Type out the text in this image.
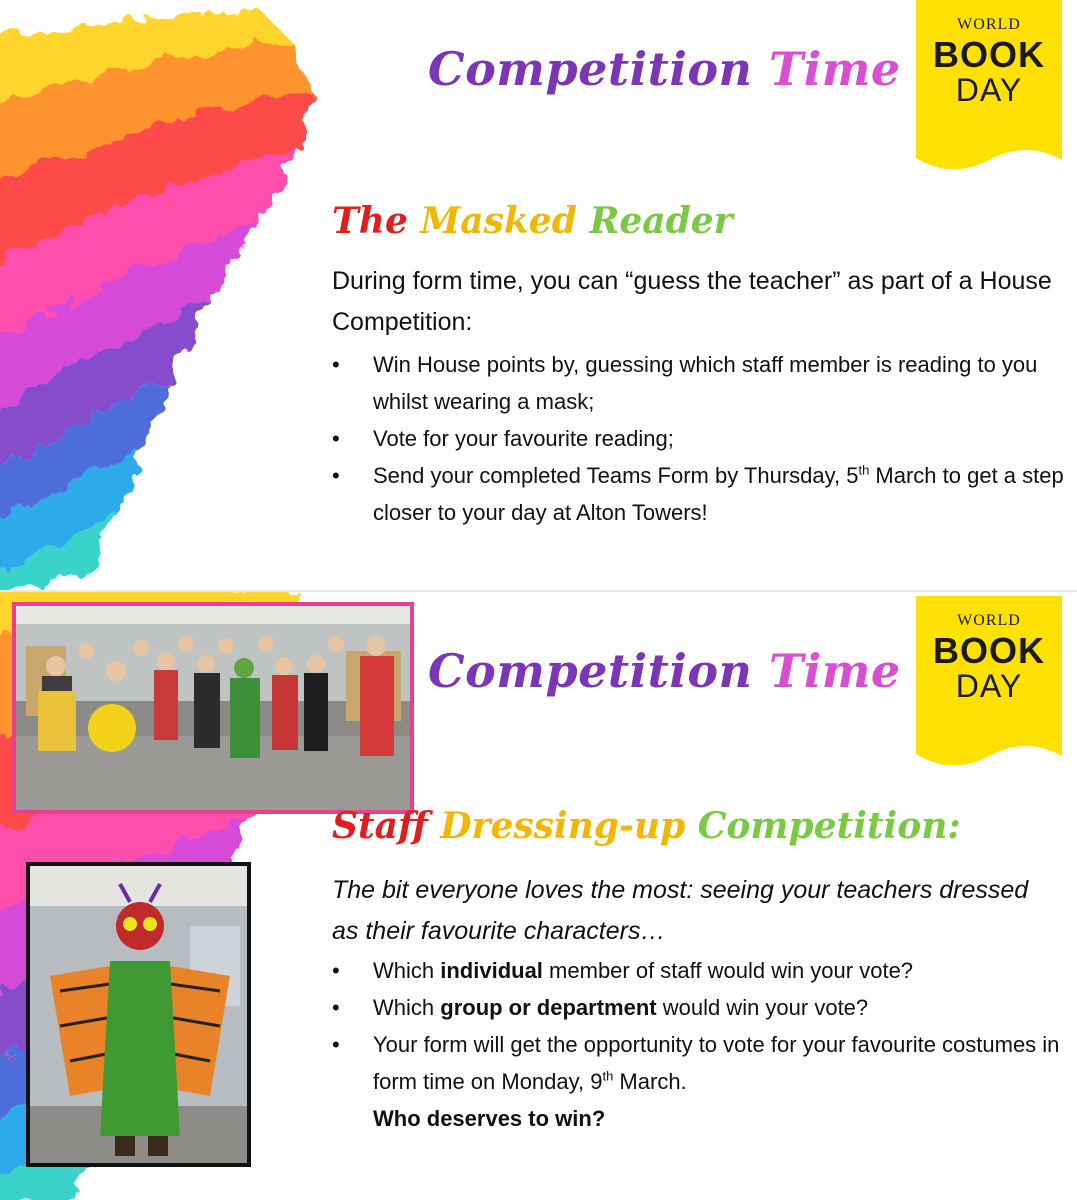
Competition Time
WORLD
BOOK
DAY
The Masked Reader

During form time, you can “guess the teacher” as part of a House Competition:

• Win House points by, guessing which staff member is reading to you whilst wearing a mask;
• Vote for your favourite reading;
• Send your completed Teams Form by Thursday, 5th March to get a step closer to your day at Alton Towers!
Competition Time
WORLD
BOOK
DAY
Staff Dressing-up Competition:

The bit everyone loves the most: seeing your teachers dressed as their favourite characters…

• Which individual member of staff would win your vote?
• Which group or department would win your vote?
• Your form will get the opportunity to vote for your favourite costumes in form time on Monday, 9th March.
Who deserves to win?
